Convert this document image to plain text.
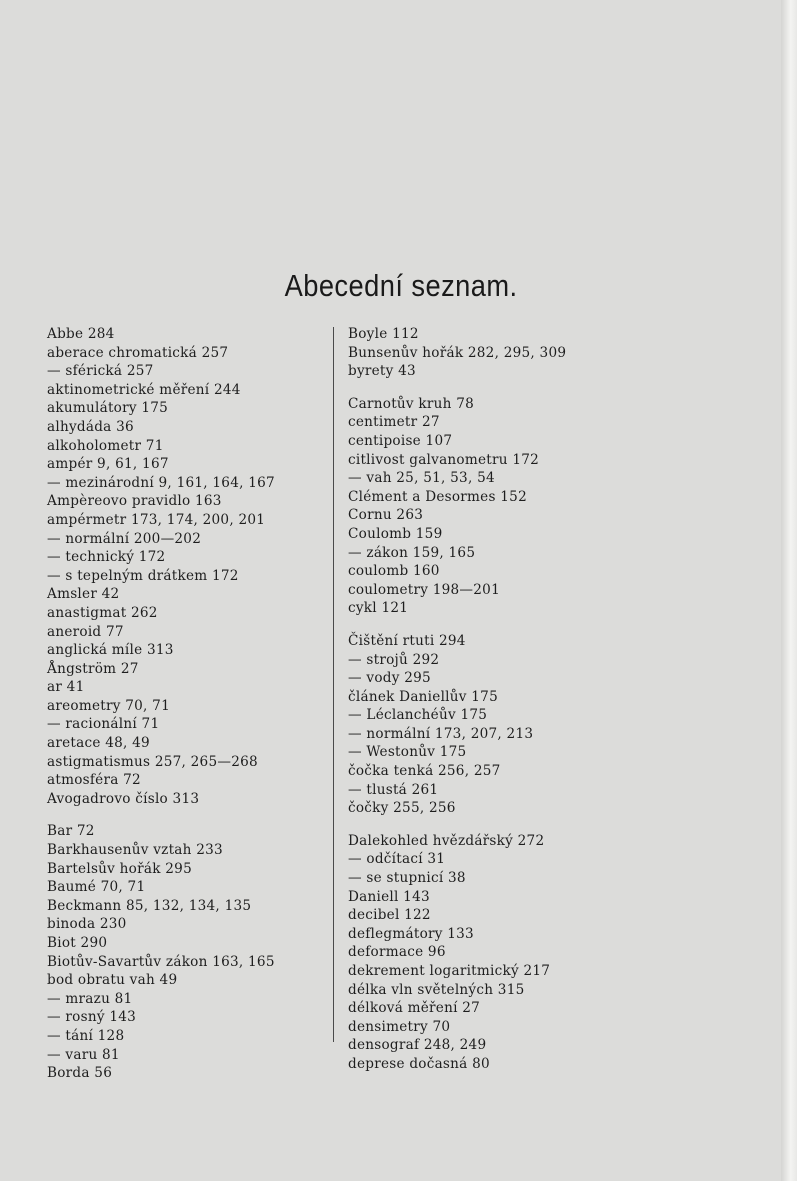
Abecední seznam.
Abbe 284
aberace chromatická 257
— sférická 257
aktinometrické měření 244
akumulátory 175
alhydáda 36
alkoholometr 71
ampér 9, 61, 167
— mezinárodní 9, 161, 164, 167
Ampèreovo pravidlo 163
ampérmetr 173, 174, 200, 201
— normální 200—202
— technický 172
— s tepelným drátkem 172
Amsler 42
anastigmat 262
aneroid 77
anglická míle 313
Ångström 27
ar 41
areometry 70, 71
— racionální 71
aretace 48, 49
astigmatismus 257, 265—268
atmosféra 72
Avogadrovo číslo 313
Bar 72
Barkhausenův vztah 233
Bartelsův hořák 295
Baumé 70, 71
Beckmann 85, 132, 134, 135
binoda 230
Biot 290
Biotův-Savartův zákon 163, 165
bod obratu vah 49
— mrazu 81
— rosný 143
— tání 128
— varu 81
Borda 56
Boyle 112
Bunsenův hořák 282, 295, 309
byrety 43
Carnotův kruh 78
centimetr 27
centipoise 107
citlivost galvanometru 172
— vah 25, 51, 53, 54
Clément a Desormes 152
Cornu 263
Coulomb 159
— zákon 159, 165
coulomb 160
coulometry 198—201
cykl 121
Čištění rtuti 294
— strojů 292
— vody 295
článek Daniellův 175
— Léclanchéův 175
— normální 173, 207, 213
— Westonův 175
čočka tenká 256, 257
— tlustá 261
čočky 255, 256
Dalekohled hvězdářský 272
— odčítací 31
— se stupnicí 38
Daniell 143
decibel 122
deflegmátory 133
deformace 96
dekrement logaritmický 217
délka vln světelných 315
délková měření 27
densimetry 70
densograf 248, 249
deprese dočasná 80
